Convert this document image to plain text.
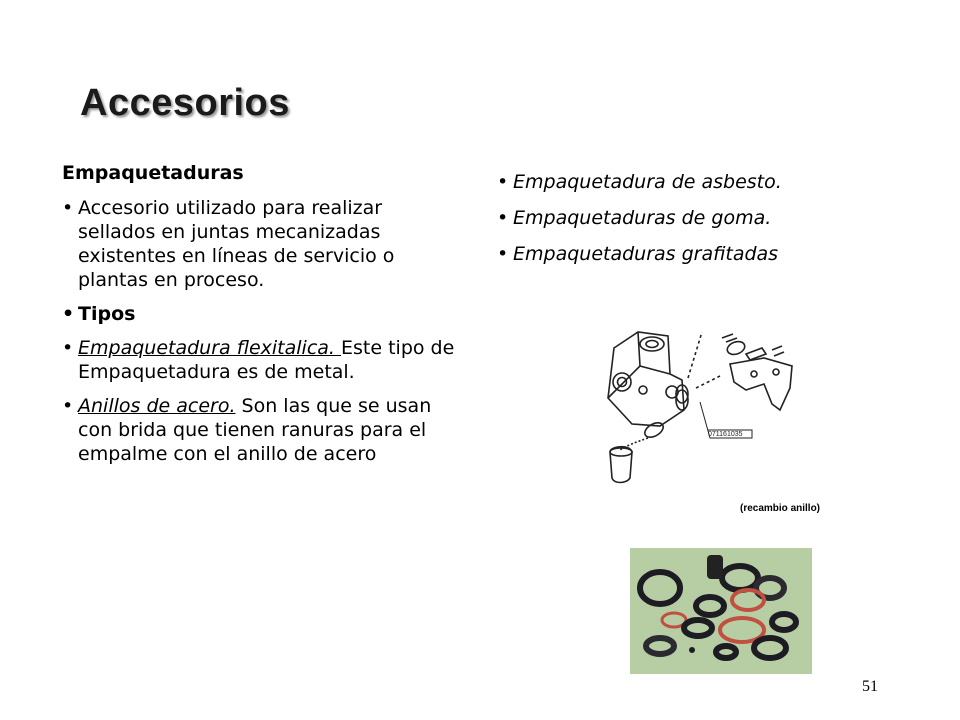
Accesorios
Empaquetaduras
• Accesorio utilizado para realizar sellados en juntas mecanizadas existentes en líneas de servicio o plantas en proceso.
• Tipos
• Empaquetadura flexitalica. Este tipo de Empaquetadura es de metal.
• Anillos de acero. Son las que se usan con brida que tienen ranuras para el empalme con el anillo de acero
• Empaquetadura de asbesto.
• Empaquetaduras de goma.
• Empaquetaduras grafitadas
071161035
(recambio anillo)
51
